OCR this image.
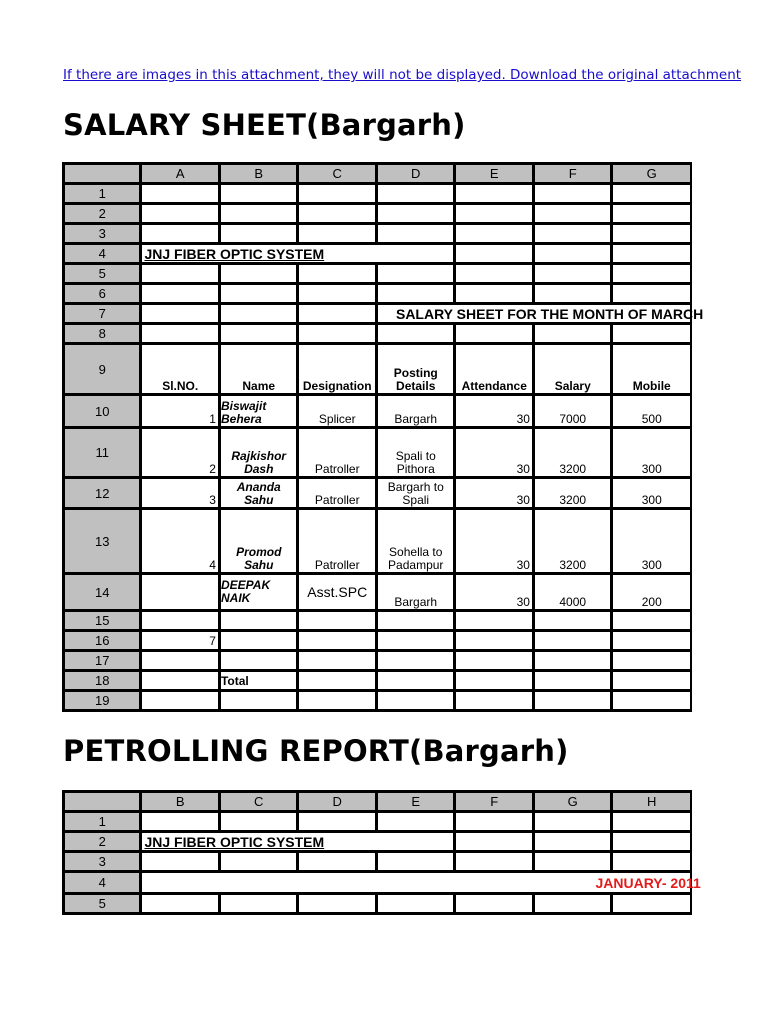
If there are images in this attachment, they will not be displayed. Download the original attachment
SALARY SHEET(Bargarh)
	A	B	C	D	E	F	G
1							
2							
3							
4	JNJ FIBER OPTIC SYSTEM						
5							
6							
7				SALARY SHEET FOR THE MONTH OF MARCH			
8							
9	Sl.NO.	Name	Designation	Posting Details	Attendance	Salary	Mobile
10	1	Biswajit Behera	Splicer	Bargarh	30	7000	500
11	2	Rajkishor Dash	Patroller	Spali to Pithora	30	3200	300
12	3	Ananda Sahu	Patroller	Bargarh to Spali	30	3200	300
13	4	Promod Sahu	Patroller	Sohella to Padampur	30	3200	300
14		DEEPAK NAIK	Asst.SPC	Bargarh	30	4000	200
15							
16	7						
17							
18		Total					
19							
PETROLLING REPORT(Bargarh)
	B	C	D	E	F	G	H
1							
2	JNJ FIBER OPTIC SYSTEM						
3							
4	JANUARY- 2011						
5							
